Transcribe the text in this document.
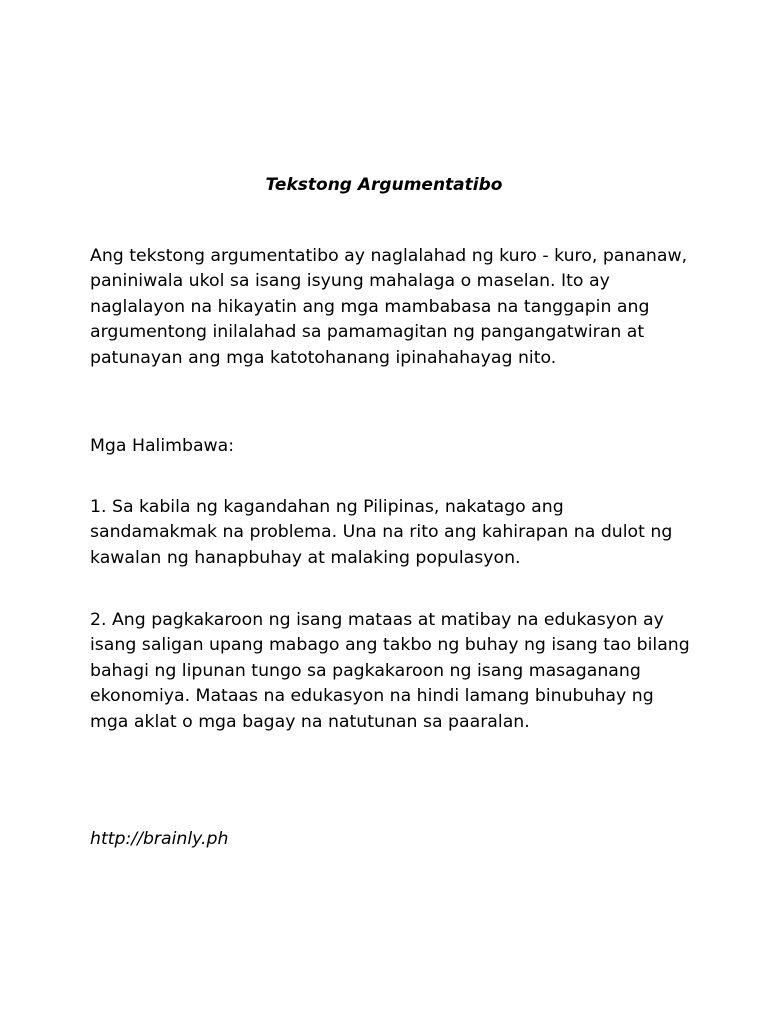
Tekstong Argumentatibo

Ang tekstong argumentatibo ay naglalahad ng kuro - kuro, pananaw, paniniwala ukol sa isang isyung mahalaga o maselan. Ito ay naglalayon na hikayatin ang mga mambabasa na tanggapin ang argumentong inilalahad sa pamamagitan ng pangangatwiran at patunayan ang mga katotohanang ipinahahayag nito.

Mga Halimbawa:

1. Sa kabila ng kagandahan ng Pilipinas, nakatago ang sandamakmak na problema. Una na rito ang kahirapan na dulot ng kawalan ng hanapbuhay at malaking populasyon.

2. Ang pagkakaroon ng isang mataas at matibay na edukasyon ay isang saligan upang mabago ang takbo ng buhay ng isang tao bilang bahagi ng lipunan tungo sa pagkakaroon ng isang masaganang ekonomiya. Mataas na edukasyon na hindi lamang binubuhay ng mga aklat o mga bagay na natutunan sa paaralan.

http://brainly.ph
